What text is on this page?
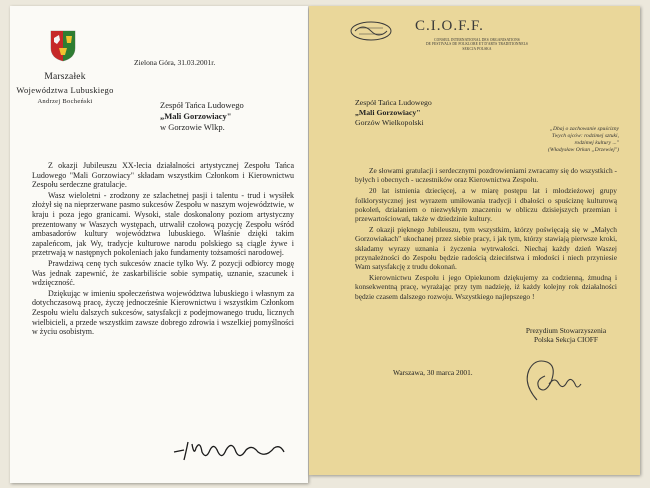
Marszałek
Województwa Lubuskiego
Andrzej Bocheński
Zielona Góra, 31.03.2001r.
Zespół Tańca Ludowego
„Mali Gorzowiacy"
w Gorzowie Wlkp.

Z okazji Jubileuszu XX-lecia działalności artystycznej Zespołu Tańca Ludowego "Mali Gorzowiacy" składam wszystkim Członkom i Kierownictwu Zespołu serdeczne gratulacje.

Wasz wieloletni - zrodzony ze szlachetnej pasji i talentu - trud i wysiłek złożył się na nieprzerwane pasmo sukcesów Zespołu w naszym województwie, w kraju i poza jego granicami. Wysoki, stale doskonalony poziom artystyczny prezentowany w Waszych występach, utrwalił czołową pozycję Zespołu wśród ambasadorów kultury województwa lubuskiego. Właśnie dzięki takim zapaleńcom, jak Wy, tradycje kulturowe narodu polskiego są ciągle żywe i przetrwają w następnych pokoleniach jako fundamenty tożsamości narodowej.

Prawdziwą cenę tych sukcesów znacie tylko Wy. Z pozycji odbiorcy mogę Was jednak zapewnić, że zaskarbiliście sobie sympatię, uznanie, szacunek i wdzięczność.

Dziękując w imieniu społeczeństwa województwa lubuskiego i własnym za dotychczasową pracę, życzę jednocześnie Kierownictwu i wszystkim Członkom Zespołu wielu dalszych sukcesów, satysfakcji z podejmowanego trudu, licznych wielbicieli, a przede wszystkim zawsze dobrego zdrowia i wszelkiej pomyślności w życiu osobistym.

C.I.O.F.F.
CONSEIL INTERNATIONAL DES ORGANISATIONS
DE FESTIVALS DE FOLKLORE ET D'ARTS TRADITIONNELS
SEKCJA POLSKA
Zespół Tańca Ludowego
„Mali Gorzowiacy"
Gorzów Wielkopolski
„Dbaj o zachowanie spuścizny
Twych ojców: rodzimej sztuki,
rodzimej kultury ..."
(Władysław Orkan „Drzewiej")

Ze słowami gratulacji i serdecznymi pozdrowieniami zwracamy się do wszystkich - byłych i obecnych - uczestników oraz Kierownictwa Zespołu.

20 lat istnienia dziecięcej, a w miarę postępu lat i młodzieżowej grupy folklorystycznej jest wyrazem umiłowania tradycji i dbałości o spuściznę kulturową pokoleń, działaniem o niezwykłym znaczeniu w obliczu dzisiejszych przemian i przewartościowań, także w dziedzinie kultury.

Z okazji pięknego Jubileuszu, tym wszystkim, którzy poświęcają się w „Małych Gorzowiakach" ukochanej przez siebie pracy, i jak tym, którzy stawiają pierwsze kroki, składamy wyrazy uznania i życzenia wytrwałości. Niechaj każdy dzień Waszej przynależności do Zespołu będzie radością dzieciństwa i młodości i niech przyniesie Wam satysfakcję z trudu dokonań.

Kierownictwu Zespołu i jego Opiekunom dziękujemy za codzienną, żmudną i konsekwentną pracę, wyrażając przy tym nadzieję, iż każdy kolejny rok działalności będzie czasem dalszego rozwoju. Wszystkiego najlepszego !

Prezydium Stowarzyszenia
Polska Sekcja CIOFF
Warszawa, 30 marca 2001.
